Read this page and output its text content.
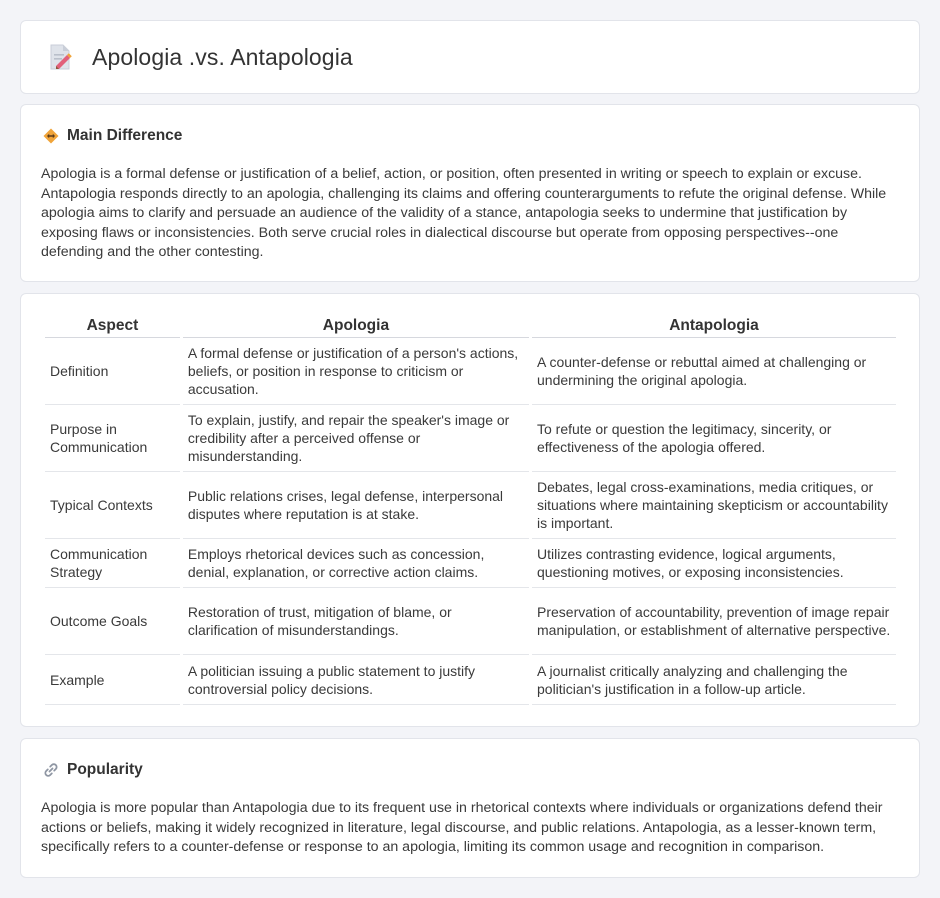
Apologia .vs. Antapologia
Main Difference

Apologia is a formal defense or justification of a belief, action, or position, often presented in writing or speech to explain or excuse. Antapologia responds directly to an apologia, challenging its claims and offering counterarguments to refute the original defense. While apologia aims to clarify and persuade an audience of the validity of a stance, antapologia seeks to undermine that justification by exposing flaws or inconsistencies. Both serve crucial roles in dialectical discourse but operate from opposing perspectives--one defending and the other contesting.

Aspect	Apologia	Antapologia
Definition	A formal defense or justification of a person's actions, beliefs, or position in response to criticism or accusation.	A counter-defense or rebuttal aimed at challenging or undermining the original apologia.
Purpose in Communication	To explain, justify, and repair the speaker's image or credibility after a perceived offense or misunderstanding.	To refute or question the legitimacy, sincerity, or effectiveness of the apologia offered.
Typical Contexts	Public relations crises, legal defense, interpersonal disputes where reputation is at stake.	Debates, legal cross-examinations, media critiques, or situations where maintaining skepticism or accountability is important.
Communication Strategy	Employs rhetorical devices such as concession, denial, explanation, or corrective action claims.	Utilizes contrasting evidence, logical arguments, questioning motives, or exposing inconsistencies.
Outcome Goals	Restoration of trust, mitigation of blame, or clarification of misunderstandings.	Preservation of accountability, prevention of image repair manipulation, or establishment of alternative perspective.
Example	A politician issuing a public statement to justify controversial policy decisions.	A journalist critically analyzing and challenging the politician's justification in a follow-up article.
Popularity

Apologia is more popular than Antapologia due to its frequent use in rhetorical contexts where individuals or organizations defend their actions or beliefs, making it widely recognized in literature, legal discourse, and public relations. Antapologia, as a lesser-known term, specifically refers to a counter-defense or response to an apologia, limiting its common usage and recognition in comparison.
